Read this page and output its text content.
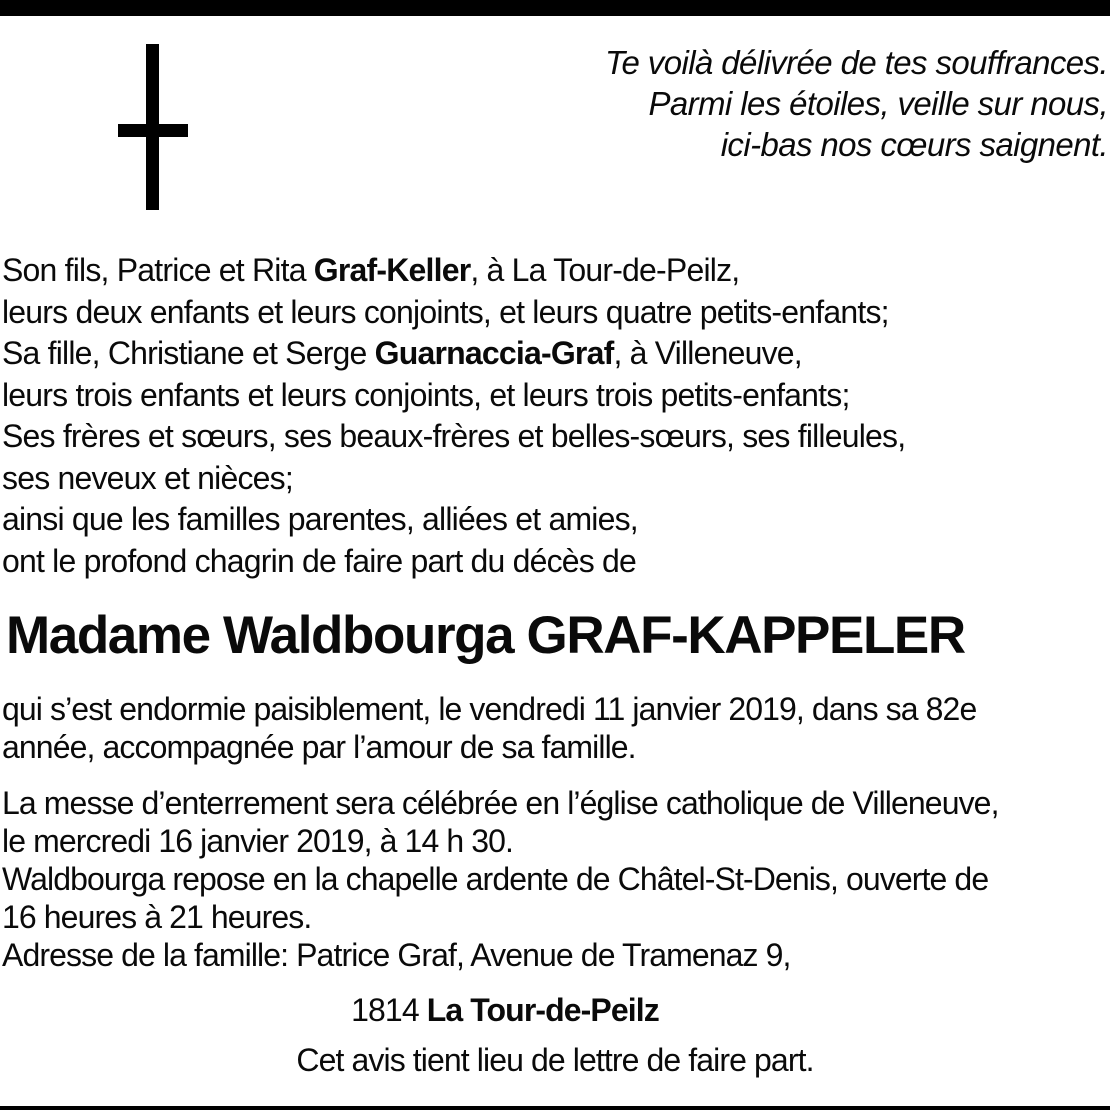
Te voilà délivrée de tes souffrances.
Parmi les étoiles, veille sur nous,
ici-bas nos cœurs saignent.
Son fils, Patrice et Rita Graf-Keller, à La Tour-de-Peilz,
leurs deux enfants et leurs conjoints, et leurs quatre petits-enfants;
Sa fille, Christiane et Serge Guarnaccia-Graf, à Villeneuve,
leurs trois enfants et leurs conjoints, et leurs trois petits-enfants;
Ses frères et sœurs, ses beaux-frères et belles-sœurs, ses filleules,
ses neveux et nièces;
ainsi que les familles parentes, alliées et amies,
ont le profond chagrin de faire part du décès de
Madame Waldbourga GRAF-KAPPELER
qui s’est endormie paisiblement, le vendredi 11 janvier 2019, dans sa 82e
année, accompagnée par l’amour de sa famille.
La messe d’enterrement sera célébrée en l’église catholique de Villeneuve,
le mercredi 16 janvier 2019, à 14 h 30.
Waldbourga repose en la chapelle ardente de Châtel-St-Denis, ouverte de
16 heures à 21 heures.
Adresse de la famille: Patrice Graf, Avenue de Tramenaz 9,
1814 La Tour-de-Peilz
Cet avis tient lieu de lettre de faire part.
